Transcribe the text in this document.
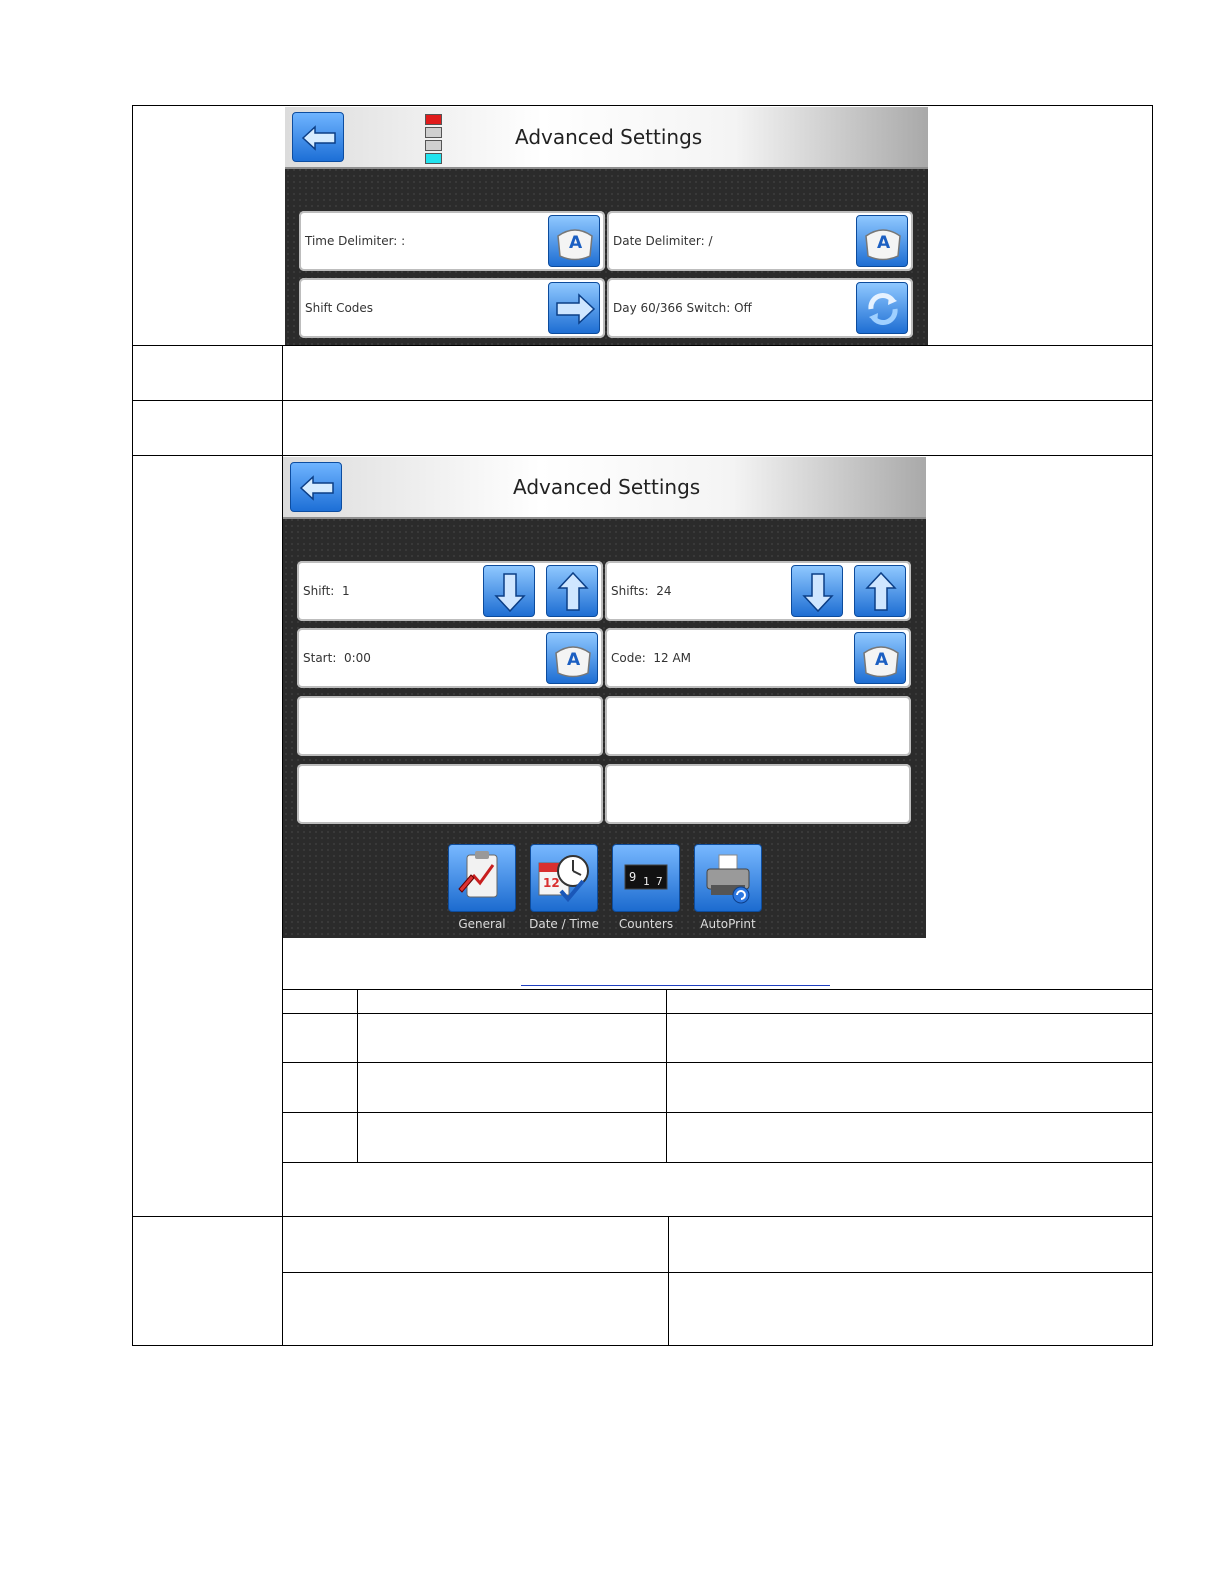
Advanced Settings
Time Delimiter: :	A	Date Delimiter: /	A
Shift Codes	Day 60/366 Switch: Off
Advanced Settings
Shift:  1	Shifts:  24
Start:  0:00	A	Code:  12 AM	A
12	9 1 7
General	Date / Time	Counters	AutoPrint
